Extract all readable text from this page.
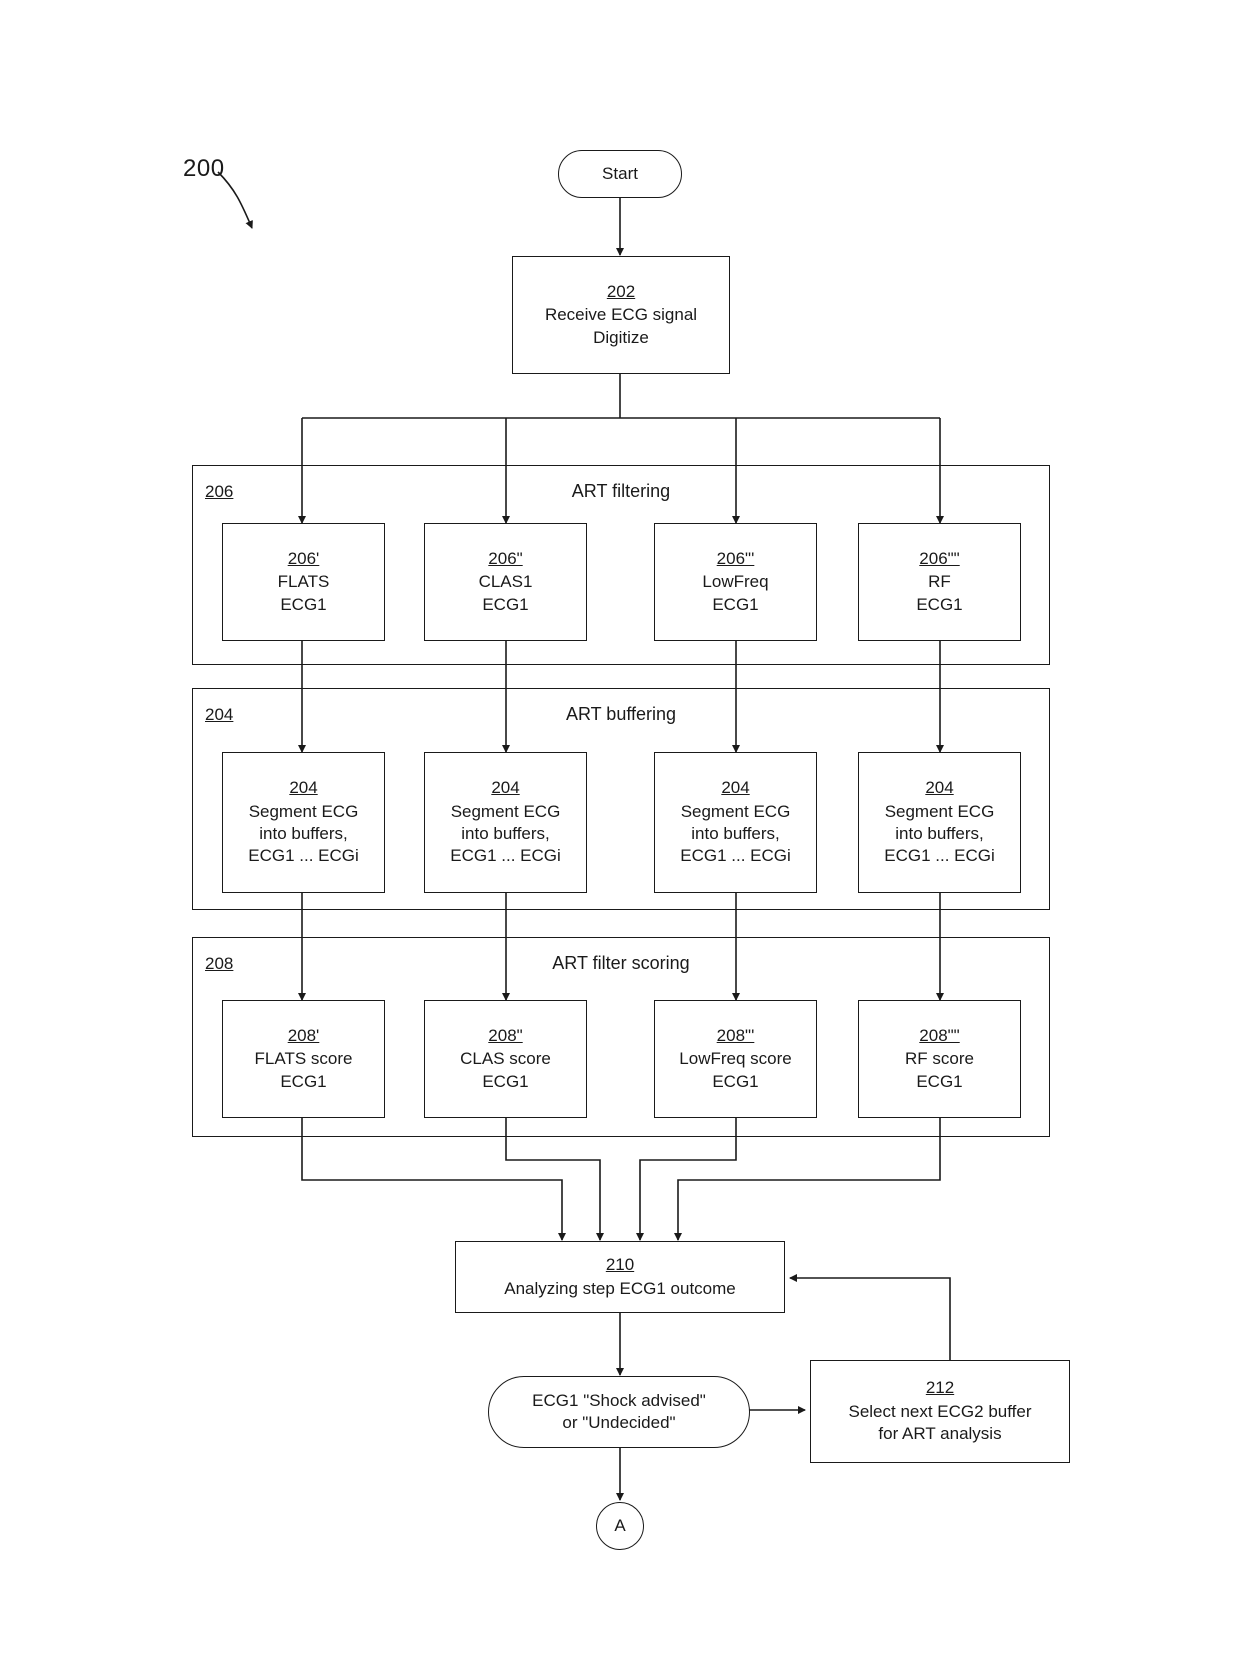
200	Start
202
Receive ECG signal
Digitize
206	ART filtering
206'
FLATS
ECG1
206"
CLAS1
ECG1
206"'
LowFreq
ECG1
206""
RF
ECG1
204	ART buffering
204
Segment ECG
into buffers,
ECG1 ... ECGi
204
Segment ECG
into buffers,
ECG1 ... ECGi
204
Segment ECG
into buffers,
ECG1 ... ECGi
204
Segment ECG
into buffers,
ECG1 ... ECGi
208	ART filter scoring
208'
FLATS score
ECG1
208"
CLAS score
ECG1
208"'
LowFreq score
ECG1
208""
RF score
ECG1
210
Analyzing step ECG1 outcome
ECG1 "Shock advised"
or "Undecided"
212
Select next ECG2 buffer
for ART analysis
A
